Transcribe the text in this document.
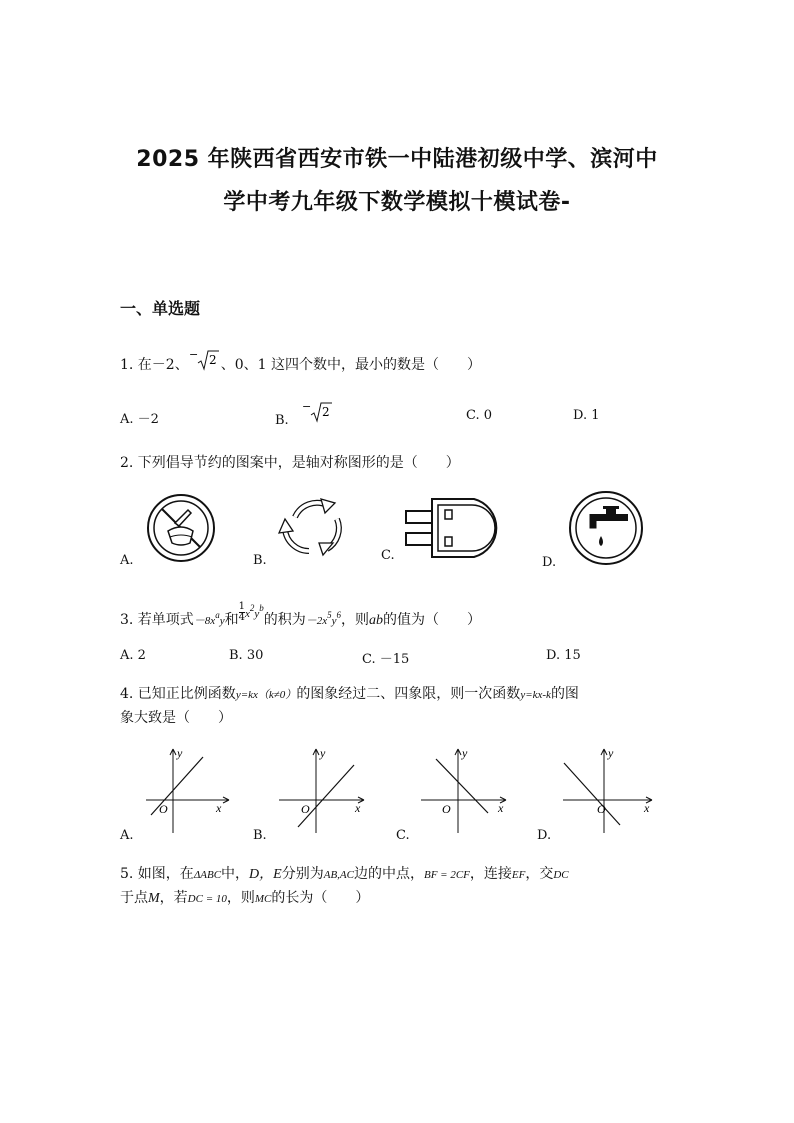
2025 年陕西省西安市铁一中陆港初级中学、滨河中
学中考九年级下数学模拟十模试卷-
一、单选题
1. 在－2、
− 2 、0、1 这四个数中，最小的数是（　　）
A. －2	B.
− 2	C. 0	D. 1
2. 下列倡导节约的图案中，是轴对称图形的是（　　）
A.	B.	C.	D.
3. 若单项式$-8x^ay$和 $\frac{1}{4} ^{x^2y^b}$的积为$-2x^5y^6$，则ab的值为（　　）
A. 2	B. 30	C. －15	D. 15
4. 已知正比例函数y=kx（k≠0）的图象经过二、四象限，则一次函数y=kx-k的图
象大致是（　　）
y
x
O
A.
y
x
O
B.
y
x
O
C.
y
x
O
D.
5. 如图，在ΔABC中，D，E分别为AB,AC边的中点，BF = 2CF，连接EF，交DC
于点M，若DC = 10，则MC的长为（　　）
